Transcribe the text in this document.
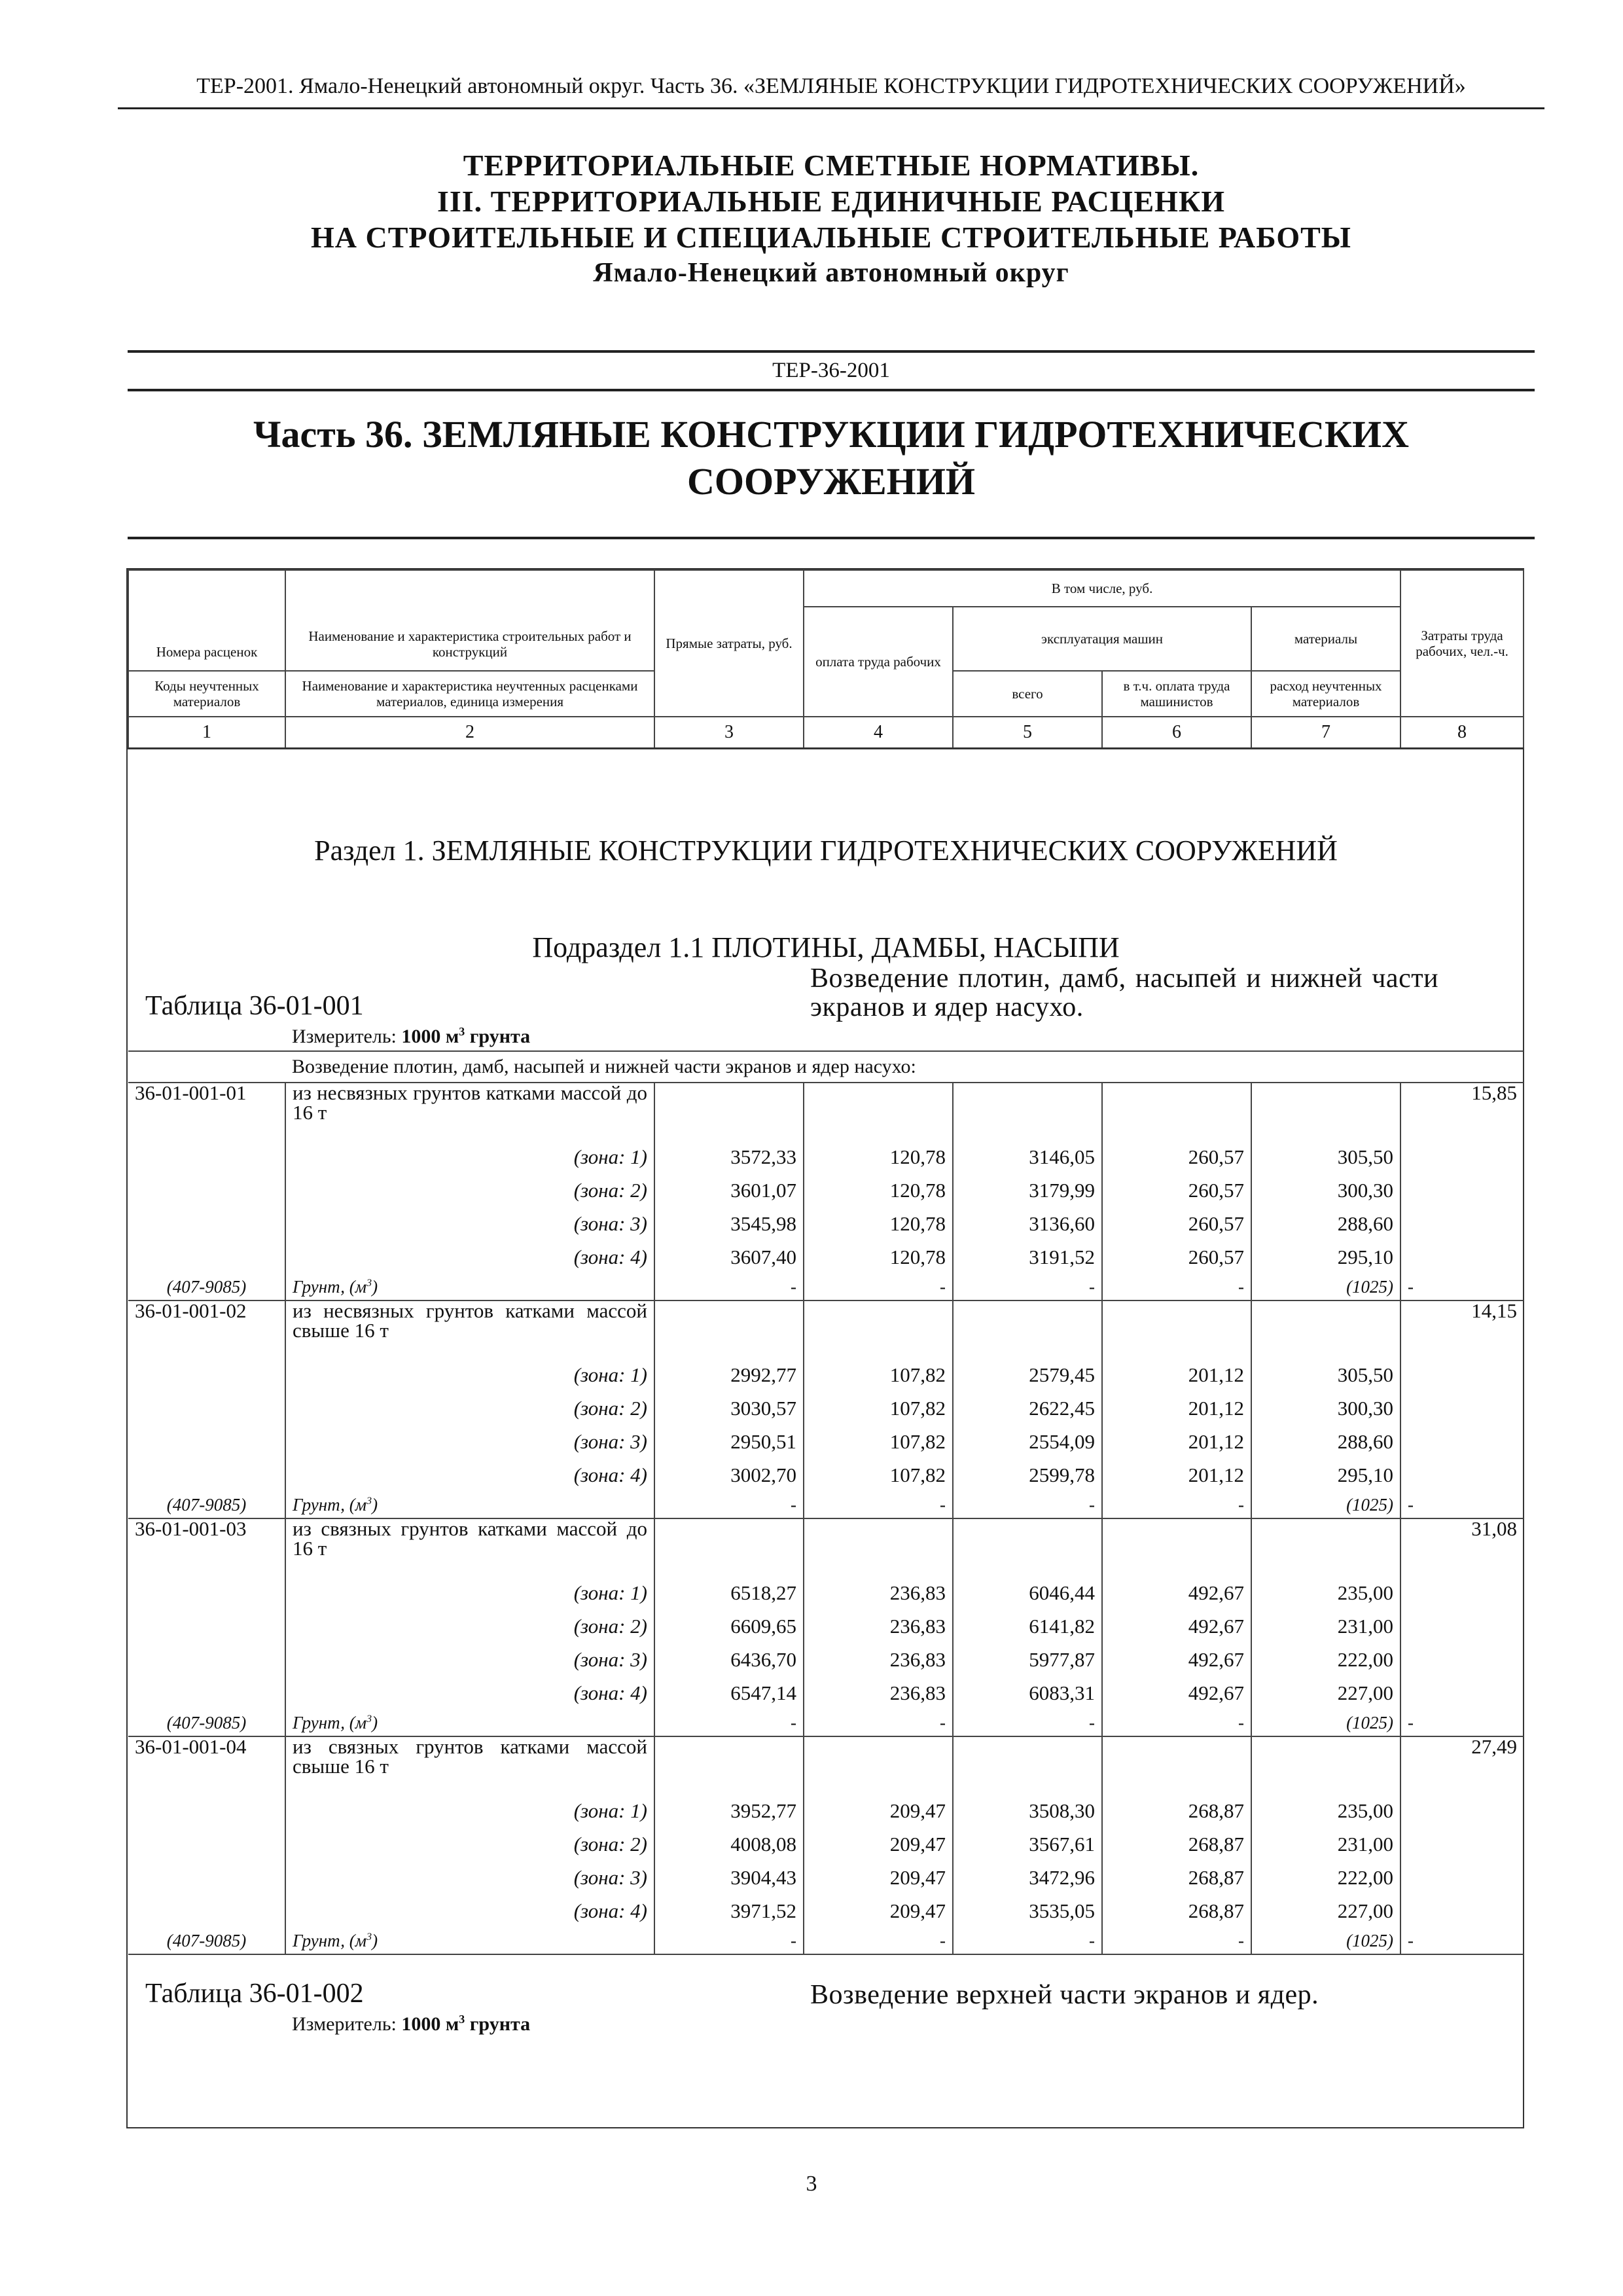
ТЕР-2001. Ямало-Ненецкий автономный округ. Часть 36. «ЗЕМЛЯНЫЕ КОНСТРУКЦИИ ГИДРОТЕХНИЧЕСКИХ СООРУЖЕНИЙ»
ТЕРРИТОРИАЛЬНЫЕ СМЕТНЫЕ НОРМАТИВЫ.
III. ТЕРРИТОРИАЛЬНЫЕ ЕДИНИЧНЫЕ РАСЦЕНКИ
НА СТРОИТЕЛЬНЫЕ И СПЕЦИАЛЬНЫЕ СТРОИТЕЛЬНЫЕ РАБОТЫ
Ямало-Ненецкий автономный округ
ТЕР-36-2001
Часть 36. ЗЕМЛЯНЫЕ КОНСТРУКЦИИ ГИДРОТЕХНИЧЕСКИХ
СООРУЖЕНИЙ
Номера расценок	Наименование и характеристика строительных работ и конструкций	Прямые затраты, руб.	В том числе, руб.				Затраты труда рабочих, чел.-ч.
			оплата труда рабочих	эксплуатация машин		материалы	
Коды неучтенных материалов	Наименование и характеристика неучтенных расценками материалов, единица измерения			всего	в т.ч. оплата труда машинистов	расход неучтенных материалов	
1	2	3	4	5	6	7	8
Раздел 1. ЗЕМЛЯНЫЕ КОНСТРУКЦИИ ГИДРОТЕХНИЧЕСКИХ СООРУЖЕНИЙ							
Подраздел 1.1 ПЛОТИНЫ, ДАМБЫ, НАСЫПИ							
Таблица 36-01-001			Возведение плотин, дамб, насыпей и нижней части экранов и ядер насухо.				
	Измеритель: 1000 $м^3$ грунта						
	Возведение плотин, дамб, насыпей и нижней части экранов и ядер насухо:						
36-01-001-01	из несвязных грунтов катками массой до 16 т						15,85
	(зона: 1)	3572,33	120,78	3146,05	260,57	305,50	
	(зона: 2)	3601,07	120,78	3179,99	260,57	300,30	
	(зона: 3)	3545,98	120,78	3136,60	260,57	288,60	
	(зона: 4)	3607,40	120,78	3191,52	260,57	295,10	
(407-9085)	Грунт, $(м^3)$	-	-	-	-	(1025)	-
36-01-001-02	из несвязных грунтов катками массой свыше 16 т						14,15
	(зона: 1)	2992,77	107,82	2579,45	201,12	305,50	
	(зона: 2)	3030,57	107,82	2622,45	201,12	300,30	
	(зона: 3)	2950,51	107,82	2554,09	201,12	288,60	
	(зона: 4)	3002,70	107,82	2599,78	201,12	295,10	
(407-9085)	Грунт, $(м^3)$	-	-	-	-	(1025)	-
36-01-001-03	из связных грунтов катками массой до 16 т						31,08
	(зона: 1)	6518,27	236,83	6046,44	492,67	235,00	
	(зона: 2)	6609,65	236,83	6141,82	492,67	231,00	
	(зона: 3)	6436,70	236,83	5977,87	492,67	222,00	
	(зона: 4)	6547,14	236,83	6083,31	492,67	227,00	
(407-9085)	Грунт, $(м^3)$	-	-	-	-	(1025)	-
36-01-001-04	из связных грунтов катками массой свыше 16 т						27,49
	(зона: 1)	3952,77	209,47	3508,30	268,87	235,00	
	(зона: 2)	4008,08	209,47	3567,61	268,87	231,00	
	(зона: 3)	3904,43	209,47	3472,96	268,87	222,00	
	(зона: 4)	3971,52	209,47	3535,05	268,87	227,00	
(407-9085)	Грунт, $(м^3)$	-	-	-	-	(1025)	-
Таблица 36-01-002			Возведение верхней части экранов и ядер.				
	Измеритель: 1000 $м^3$ грунта						
3
